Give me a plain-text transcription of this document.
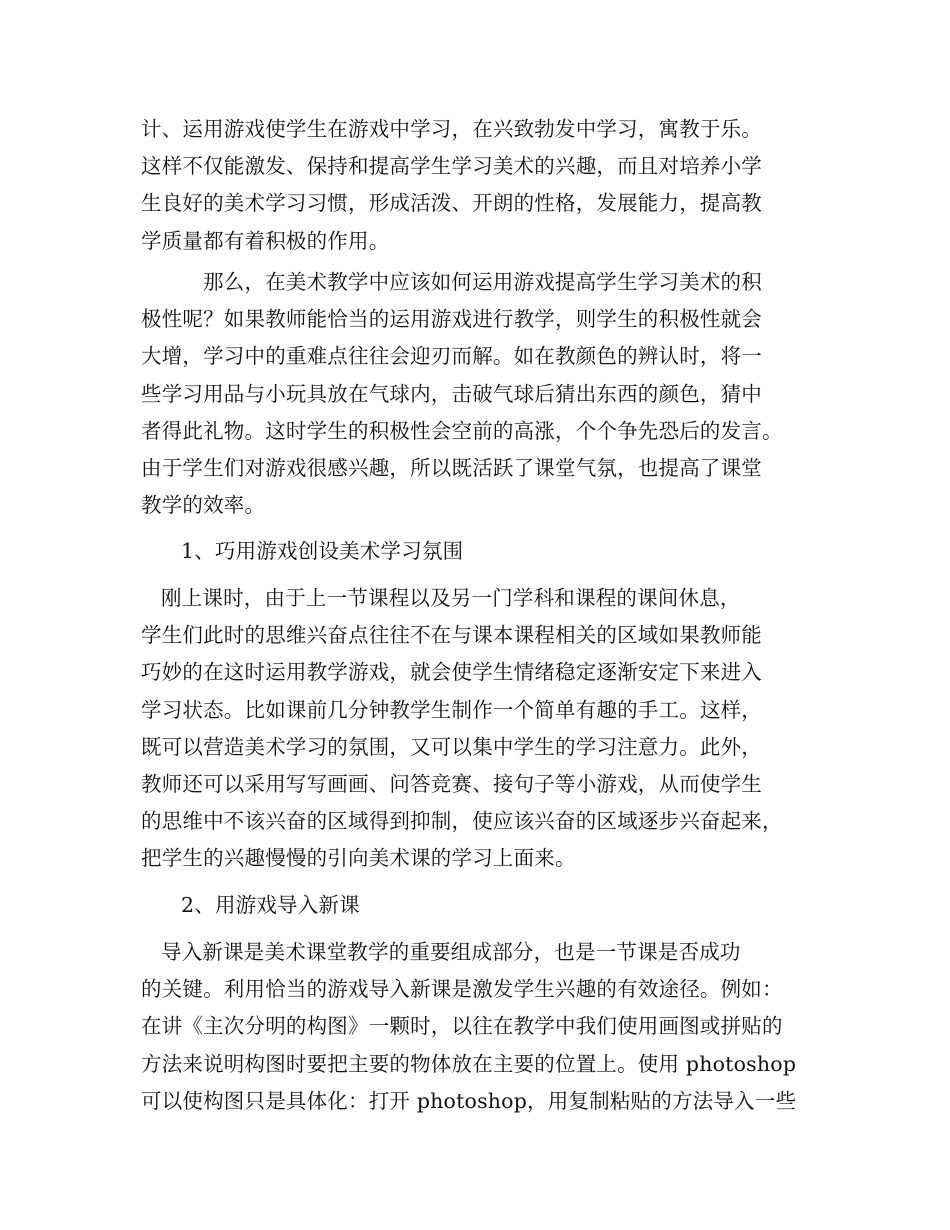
计、运用游戏使学生在游戏中学习，在兴致勃发中学习，寓教于乐。
这样不仅能激发、保持和提高学生学习美术的兴趣，而且对培养小学
生良好的美术学习习惯，形成活泼、开朗的性格，发展能力，提高教
学质量都有着积极的作用。
那么，在美术教学中应该如何运用游戏提高学生学习美术的积
极性呢？如果教师能恰当的运用游戏进行教学，则学生的积极性就会
大增，学习中的重难点往往会迎刃而解。如在教颜色的辨认时，将一
些学习用品与小玩具放在气球内，击破气球后猜出东西的颜色，猜中
者得此礼物。这时学生的积极性会空前的高涨，个个争先恐后的发言。
由于学生们对游戏很感兴趣，所以既活跃了课堂气氛，也提高了课堂
教学的效率。
1、巧用游戏创设美术学习氛围
刚上课时，由于上一节课程以及另一门学科和课程的课间休息，
学生们此时的思维兴奋点往往不在与课本课程相关的区域如果教师能
巧妙的在这时运用教学游戏，就会使学生情绪稳定逐渐安定下来进入
学习状态。比如课前几分钟教学生制作一个简单有趣的手工。这样，
既可以营造美术学习的氛围，又可以集中学生的学习注意力。此外，
教师还可以采用写写画画、问答竞赛、接句子等小游戏，从而使学生
的思维中不该兴奋的区域得到抑制，使应该兴奋的区域逐步兴奋起来，
把学生的兴趣慢慢的引向美术课的学习上面来。
2、用游戏导入新课
导入新课是美术课堂教学的重要组成部分，也是一节课是否成功
的关键。利用恰当的游戏导入新课是激发学生兴趣的有效途径。例如：
在讲《主次分明的构图》一颗时，以往在教学中我们使用画图或拼贴的
方法来说明构图时要把主要的物体放在主要的位置上。使用 photoshop
可以使构图只是具体化：打开 photoshop，用复制粘贴的方法导入一些
